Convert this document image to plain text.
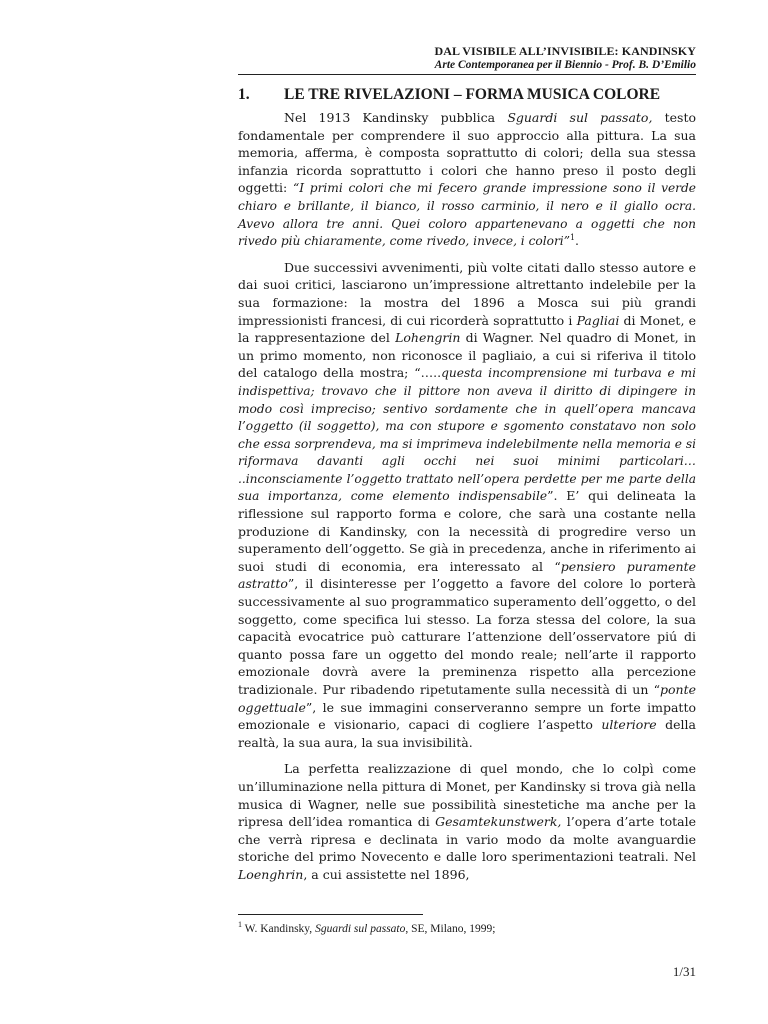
DAL VISIBILE ALL’INVISIBILE: KANDINSKY
Arte Contemporanea per il Biennio - Prof. B. D’Emilio
1. LE TRE RIVELAZIONI – FORMA MUSICA COLORE

Nel 1913 Kandinsky pubblica Sguardi sul passato, testo fondamentale per comprendere il suo approccio alla pittura. La sua memoria, afferma, è composta soprattutto di colori; della sua stessa infanzia ricorda soprattutto i colori che hanno preso il posto degli oggetti: “I primi colori che mi fecero grande impressione sono il verde chiaro e brillante, il bianco, il rosso carminio, il nero e il giallo ocra. Avevo allora tre anni. Quei coloro appartenevano a oggetti che non rivedo più chiaramente, come rivedo, invece, i colori”$^1$.

Due successivi avvenimenti, più volte citati dallo stesso autore e dai suoi critici, lasciarono un’impressione altrettanto indelebile per la sua formazione: la mostra del 1896 a Mosca sui più grandi impressionisti francesi, di cui ricorderà soprattutto i Pagliai di Monet, e la rappresentazione del Lohengrin di Wagner. Nel quadro di Monet, in un primo momento, non riconosce il pagliaio, a cui si riferiva il titolo del catalogo della mostra; “…..questa incomprensione mi turbava e mi indispettiva; trovavo che il pittore non aveva il diritto di dipingere in modo così impreciso; sentivo sordamente che in quell’opera mancava l’oggetto (il soggetto), ma con stupore e sgomento constatavo non solo che essa sorprendeva, ma si imprimeva indelebilmente nella memoria e si riformava davanti agli occhi nei suoi minimi particolari… ..inconsciamente l’oggetto trattato nell’opera perdette per me parte della sua importanza, come elemento indispensabile”. E’ qui delineata la riflessione sul rapporto forma e colore, che sarà una costante nella produzione di Kandinsky, con la necessità di progredire verso un superamento dell’oggetto. Se già in precedenza, anche in riferimento ai suoi studi di economia, era interessato al “pensiero puramente astratto”, il disinteresse per l’oggetto a favore del colore lo porterà successivamente al suo programmatico superamento dell’oggetto, o del soggetto, come specifica lui stesso. La forza stessa del colore, la sua capacità evocatrice può catturare l’attenzione dell’osservatore piú di quanto possa fare un oggetto del mondo reale; nell’arte il rapporto emozionale dovrà avere la preminenza rispetto alla percezione tradizionale. Pur ribadendo ripetutamente sulla necessità di un “ponte oggettuale”, le sue immagini conserveranno sempre un forte impatto emozionale e visionario, capaci di cogliere l’aspetto ulteriore della realtà, la sua aura, la sua invisibilità.

La perfetta realizzazione di quel mondo, che lo colpì come un’illuminazione nella pittura di Monet, per Kandinsky si trova già nella musica di Wagner, nelle sue possibilità sinestetiche ma anche per la ripresa dell’idea romantica di Gesamtekunstwerk, l’opera d’arte totale che verrà ripresa e declinata in vario modo da molte avanguardie storiche del primo Novecento e dalle loro sperimentazioni teatrali. Nel Loenghrin, a cui assistette nel 1896,

$^1$ W. Kandinsky, Sguardi sul passato, SE, Milano, 1999;
1/31
